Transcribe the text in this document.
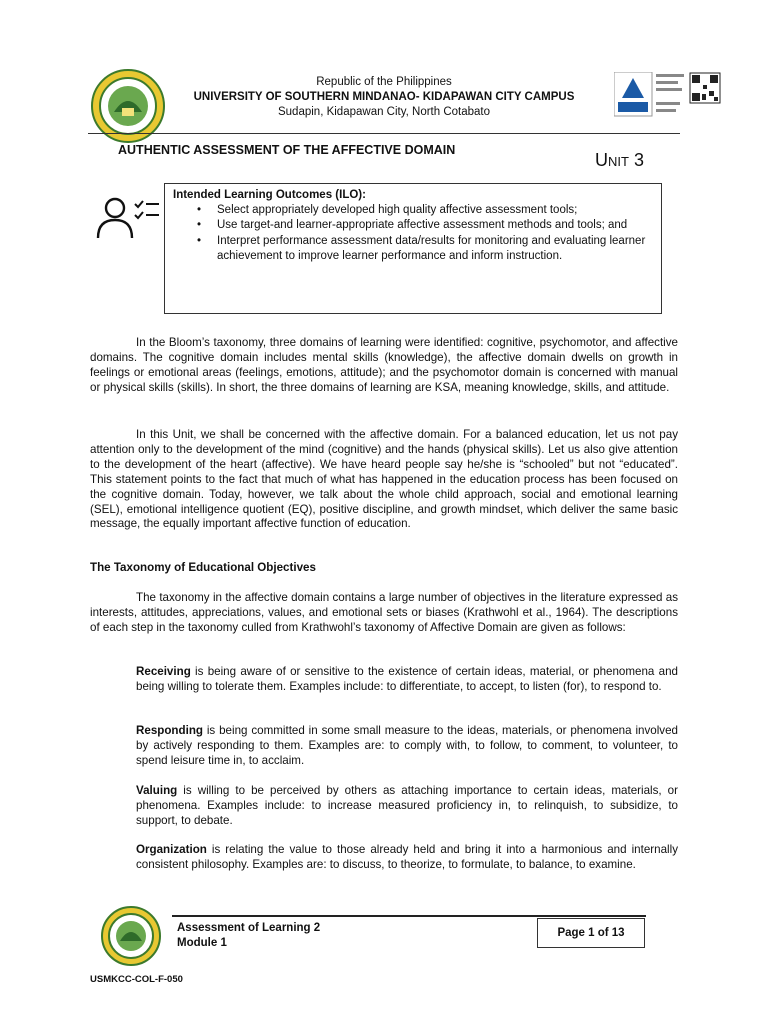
Republic of the Philippines
UNIVERSITY OF SOUTHERN MINDANAO- KIDAPAWAN CITY CAMPUS
Sudapin, Kidapawan City, North Cotabato
AUTHENTIC ASSESSMENT OF THE AFFECTIVE DOMAIN	UNIT 3
Intended Learning Outcomes (ILO):
• Select appropriately developed high quality affective assessment tools;
• Use target-and learner-appropriate affective assessment methods and tools; and
• Interpret performance assessment data/results for monitoring and evaluating learner achievement to improve learner performance and inform instruction.

In the Bloom’s taxonomy, three domains of learning were identified: cognitive, psychomotor, and affective domains. The cognitive domain includes mental skills (knowledge), the affective domain dwells on growth in feelings or emotional areas (feelings, emotions, attitude); and the psychomotor domain is concerned with manual or physical skills (skills). In short, the three domains of learning are KSA, meaning knowledge, skills, and attitude.

In this Unit, we shall be concerned with the affective domain. For a balanced education, let us not pay attention only to the development of the mind (cognitive) and the hands (physical skills). Let us also give attention to the development of the heart (affective). We have heard people say he/she is “schooled” but not “educated”. This statement points to the fact that much of what has happened in the education process has been focused on the cognitive domain. Today, however, we talk about the whole child approach, social and emotional learning (SEL), emotional intelligence quotient (EQ), positive discipline, and growth mindset, which deliver the same basic message, the equally important affective function of education.

The Taxonomy of Educational Objectives

The taxonomy in the affective domain contains a large number of objectives in the literature expressed as interests, attitudes, appreciations, values, and emotional sets or biases (Krathwohl et al., 1964). The descriptions of each step in the taxonomy culled from Krathwohl’s taxonomy of Affective Domain are given as follows:

Receiving is being aware of or sensitive to the existence of certain ideas, material, or phenomena and being willing to tolerate them. Examples include: to differentiate, to accept, to listen (for), to respond to.

Responding is being committed in some small measure to the ideas, materials, or phenomena involved by actively responding to them. Examples are: to comply with, to follow, to comment, to volunteer, to spend leisure time in, to acclaim.

Valuing is willing to be perceived by others as attaching importance to certain ideas, materials, or phenomena. Examples include: to increase measured proficiency in, to relinquish, to subsidize, to support, to debate.

Organization is relating the value to those already held and bring it into a harmonious and internally consistent philosophy. Examples are: to discuss, to theorize, to formulate, to balance, to examine.

Assessment of Learning 2
Module 1
Page 1 of 13
USMKCC-COL-F-050
